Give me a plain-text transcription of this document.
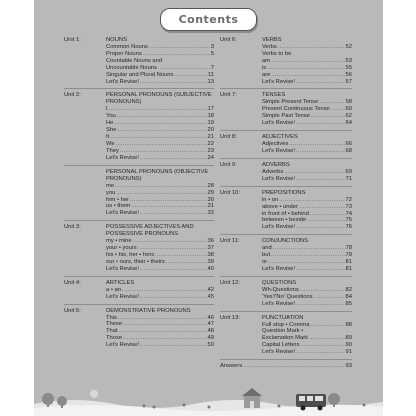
Contents
Unit 1:	NOUNS
Common Nouns .....	3
Proper Nouns .....	5
Countable Nouns and
Uncountable Nouns .....	7
Singular and Plural Nouns .....	11
Let's Revise! .....	13
Unit 2:	PERSONAL PRONOUNS (SUBJECTIVE PRONOUNS)
I .....	17
You .....	18
He .....	19
She .....	20
It .....	21
We .....	22
They .....	23
Let's Revise! .....	24
PERSONAL PRONOUNS (OBJECTIVE PRONOUNS)
me .....	28
you .....	29
him • her .....	30
us • them .....	31
Let's Revise! .....	32
Unit 3:	POSSESSIVE ADJECTIVES AND POSSESSIVE PRONOUNS
my • mine .....	36
your • yours .....	37
his • his, her • hers .....	38
our • ours, their • theirs .....	39
Let's Revise! .....	40
Unit 4:	ARTICLES
a • an .....	42
Let's Revise! .....	45
Unit 5:	DEMONSTRATIVE PRONOUNS
This .....	46
These .....	47
That .....	48
Those .....	49
Let's Revise! .....	50
Unit 6:	VERBS
Verbs .....	52
Verbs to be
am .....	53
is .....	55
are .....	56
Let's Revise! .....	57
Unit 7:	TENSES
Simple Present Tense .....	58
Present Continuous Tense .....	60
Simple Past Tense .....	62
Let's Revise! .....	64
Unit 8:	ADJECTIVES
Adjectives .....	66
Let's Revise! .....	68
Unit 9:	ADVERBS
Adverbs .....	69
Let's Revise! .....	71
Unit 10:	PREPOSITIONS
in • on .....	72
above • under .....	73
in front of • behind .....	74
between • beside .....	75
Let's Revise! .....	76
Unit 11:	CONJUNCTIONS
and .....	78
but .....	79
or .....	81
Let's Revise! .....	81
Unit 12:	QUESTIONS
Wh-Questions .....	82
'Yes'/'No' Questions .....	84
Let's Revise! .....	85
Unit 13:	PUNCTUATION
Full stop • Comma .....	88
Question Mark •
Exclamation Mark .....	89
Capital Letters .....	90
Let's Revise! .....	91
Answers .....	93
